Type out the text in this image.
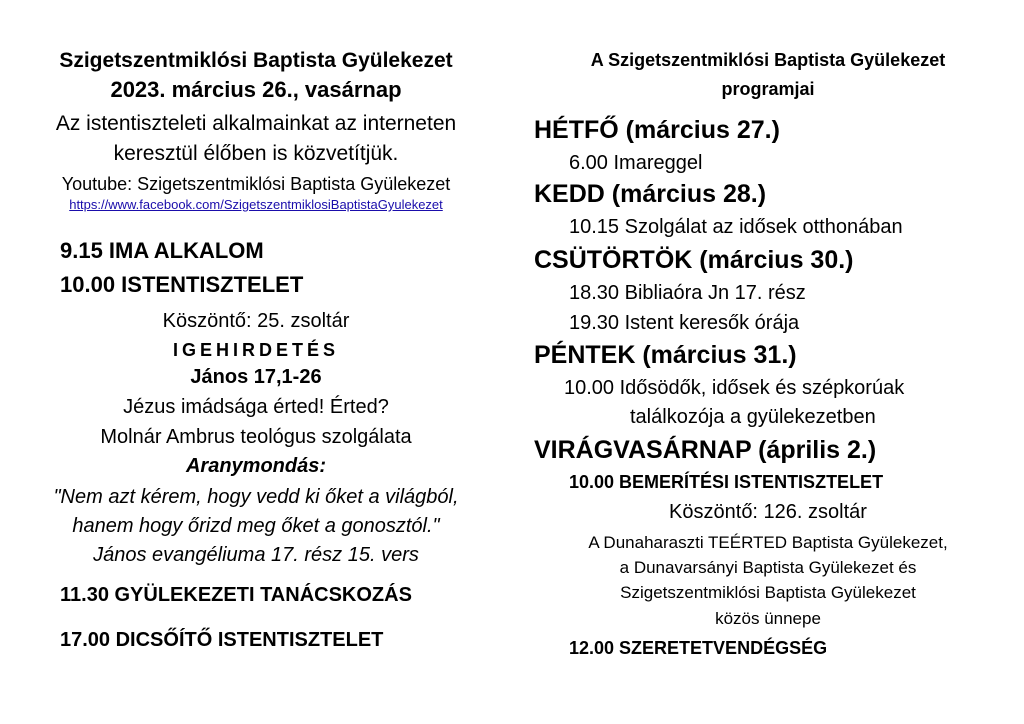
Szigetszentmiklósi Baptista Gyülekezet
2023. március 26., vasárnap
Az istentiszteleti alkalmainkat az interneten
keresztül élőben is közvetítjük.
Youtube: Szigetszentmiklósi Baptista Gyülekezet
https://www.facebook.com/SzigetszentmiklosiBaptistaGyulekezet
9.15 IMA ALKALOM
10.00 ISTENTISZTELET
Köszöntő: 25. zsoltár
IGEHIRDETÉS
János 17,1-26
Jézus imádsága érted! Érted?
Molnár Ambrus teológus szolgálata
Aranymondás:
"Nem azt kérem, hogy vedd ki őket a világból,
hanem hogy őrizd meg őket a gonosztól."
János evangéliuma 17. rész 15. vers
11.30 GYÜLEKEZETI TANÁCSKOZÁS
17.00 DICSŐÍTŐ ISTENTISZTELET
A Szigetszentmiklósi Baptista Gyülekezet
programjai
HÉTFŐ (március 27.)
6.00 Imareggel
KEDD (március 28.)
10.15 Szolgálat az idősek otthonában
CSÜTÖRTÖK (március 30.)
18.30 Bibliaóra Jn 17. rész
19.30 Istent keresők órája
PÉNTEK (március 31.)
10.00 Idősödők, idősek és szépkorúak
találkozója a gyülekezetben
VIRÁGVASÁRNAP (április 2.)
10.00 BEMERÍTÉSI ISTENTISZTELET
Köszöntő: 126. zsoltár
A Dunaharaszti TEÉRTED Baptista Gyülekezet,
a Dunavarsányi Baptista Gyülekezet és
Szigetszentmiklósi Baptista Gyülekezet
közös ünnepe
12.00 SZERETETVENDÉGSÉG
